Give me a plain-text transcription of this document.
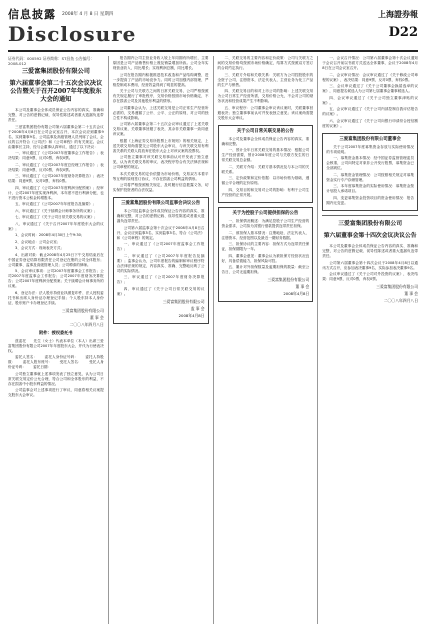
信息披露 2008年 4 月 8 日 星期四
Disclosure
上海證券報
D22
证券代码：000592 证券简称：ST昌鱼 公告编号：2008-012
三爱富集团股份有限公司
第六届董事会第二十五次会议决议公告暨关于召开2007年年度股东大会的通知

本公司及董事会全体成员保证公告内容的真实、准确和完整，对公告的虚假记载、误导性陈述或者重大遗漏负连带责任。

三爱富集团股份有限公司第六届董事会第二十五次会议于2008年4月8日在公司会议室召开，本次会议应到董事9名，实到董事9名，公司监事及高级管理人员列席了会议，会议的召开符合《公司法》和《公司章程》的有关规定。会议由董事长主持，经与会董事认真审议，通过了以下决议：

一、审议通过了《公司2007年度董事会工作报告》；表决结果：同意9票，反对0票，弃权0票。

二、审议通过了《公司2007年度总经理工作报告》；表决结果：同意9票，反对0票，弃权0票。

三、审议通过了《公司2007年度财务决算报告》；表决结果：同意9票，反对0票，弃权0票。

四、审议通过了《公司2007年度利润分配预案》；经审计，公司2007年度实现净利润，本年度不进行利润分配，也不进行资本公积金转增股本。

五、审议通过了《公司2007年年度报告及摘要》；

六、审议通过了《关于续聘会计师事务所的议案》；

七、审议通过了《关于公司日常关联交易的议案》；

八、审议通过了《关于召开2007年年度股东大会的议案》；

1、会议时间：2008年4月30日上午9:30；

2、会议地点：公司会议室；

3、会议方式：现场表决方式；

4、出席对象：截止2008年4月25日下午交易结束后在中国证券登记结算有限责任公司登记在册的公司全体股东；公司董事、监事及高级管理人员；公司聘请的律师。

5、会议审议事项：公司2007年度董事会工作报告；公司2007年度监事会工作报告；公司2007年度财务决算报告；公司2007年度利润分配预案；关于续聘会计师事务所的议案。

6、登记办法：法人股东持营业执照复印件、法人授权委托书和出席人身份证办理登记手续；个人股东持本人身份证、股东账户卡办理登记手续。

三爱富集团股份有限公司
董 事 会
二〇〇八年四月八日
附件：授权委托书

兹委托　　先生（女士）代表本单位（本人）出席三爱富集团股份有限公司2007年年度股东大会，并代为行使表决权。

委托人签名：　　委托人身份证号码：　　委托人持股数：　　委托人股东账号：　　受托人签名：　　受托人身份证号码：　　委托日期：

公司独立董事就上述事项发表了独立意见，认为公司日常关联交易定价公允合理，符合公司和全体股东的利益，不存在损害中小股东利益的情况。

公司监事会对上述事项进行了审议，同意将相关议案提交股东大会审议。

报告期内公司主营业务收入较上年同期有所增长，主要原因是公司产品销售价格上涨及销量增加所致。公司全年实现营业收入，同比增长；实现利润总额，同比增长。

公司在报告期内积极推进技术改造和产品结构调整，进一步提高了产品的市场竞争力。同时公司加强内部管理，严格控制成本费用，经营效益得到了明显的提高。

关于公司与关联方之间的日常关联交易，公司严格按照有关规定履行了审批程序，交易价格按照市场价格确定，不存在损害公司及其他股东利益的情形。

公司董事会认为，上述关联交易是公司正常生产经营所必需的，交易遵循了公开、公平、公正的原则，对公司的独立性不构成影响。

公司第六届董事会第二十五次会议审议通过了上述关联交易议案，关联董事回避了表决，其余非关联董事一致同意该议案。

根据《上海证券交易所股票上市规则》的相关规定，上述关联交易尚需提交公司股东大会审议，与该关联交易有利害关系的关联人将放弃在股东大会上对该议案的投票权。

公司独立董事对该关联交易事前认可并发表了独立意见，认为该关联交易的审议、表决程序符合有关法律法规和公司章程的规定。

本次关联交易的定价依据为市场价格，交易双方本着平等互利的原则签订协议，不存在损害公司利益的情形。

公司将严格按照相关规定，及时履行信息披露义务，切实保护投资者的合法权益。

三爱富集团股份有限公司监事会决议公告

本公司及监事会全体成员保证公告内容的真实、准确和完整，对公告的虚假记载、误导性陈述或者重大遗漏负连带责任。

公司第六届监事会第十次会议于2008年4月8日召开，会议应到监事5名，实到监事5名，符合《公司法》和《公司章程》的规定。

一、审议通过了《公司2007年度监事会工作报告》；

二、审议通过了《公司2007年年度报告及摘要》；监事会认为，公司年度报告的编制和审议程序符合法律法规的规定，内容真实、准确、完整地反映了公司的实际情况。

三、审议通过了《公司2007年度财务决算报告》；

四、审议通过了《关于公司日常关联交易的议案》。

三爱富集团股份有限公司
监 事 会
2008年4月8日

二、关联交易的主要内容和定价政策：公司与关联方之间的交易价格均按照市场价格确定，结算方式按照双方签订的合同约定执行。

三、关联方介绍和关联关系：关联方为公司控股股东的全资子公司，注册资本，法定代表人，主营业务为化工产品的生产与销售。

四、关联交易目的和对上市公司的影响：上述关联交易为公司日常生产经营所需，交易价格公允，不会对公司的财务状况和经营成果产生不利影响。

五、审议程序：公司董事会审议该议案时，关联董事回避表决；独立董事事前认可并发表独立意见；该议案尚需提交股东大会审议。

关于公司日常关联交易的公告

本公司及董事会全体成员保证公告内容的真实、准确和完整。

一、预计全年日常关联交易的基本情况：根据公司生产经营需要，预计2008年度公司与关联方发生的日常关联交易总金额。

二、关联方介绍：关联方基本情况及与本公司的关联关系。

三、定价政策和定价依据：以市场价格为基础，遵循公平合理的定价原则。

四、交易目的和交易对公司的影响：有利于公司生产经营的正常开展。

关于为控股子公司提供担保的公告

一、担保情况概述：为满足控股子公司生产经营的资金需求，公司拟为其银行借款提供连带责任担保。

二、被担保人基本情况：注册地址、法定代表人、注册资本、经营范围以及最近一期财务数据。

三、担保协议的主要内容：担保方式为连带责任保证，担保期限为一年。

四、董事会意见：董事会认为被担保方经营状况良好，具备偿债能力，担保风险可控。

五、累计对外担保数量及逾期担保的数量：截至公告日，公司无逾期担保。

三爱富集团股份有限公司
董 事 会
2008年4月8日

一、会议召开情况：公司第六届董事会第十次会议通知于会议召开前以书面方式送达全体董事，会议于2008年4月8日在公司会议室召开。

二、会议审议情况：会议审议通过了《关于修改公司章程的议案》，表决结果：同意9票，反对0票，弃权0票。

三、会议审议通过了《关于公司董事会换届选举的议案》，同意提名候选人为公司第七届董事会董事候选人。

四、会议审议通过了《关于公司独立董事津贴的议案》。

五、会议审议通过了《关于公司内部控制自我评估报告的议案》。

六、会议审议通过了《关于公司向银行申请综合授信额度的议案》。

三爱富集团股份有限公司董事会

关于公司2007年度募集资金存放与实际使用情况的专项说明。

一、募集资金基本情况：经中国证券监督管理委员会核准，公司向特定对象非公开发行股票，募集资金已全部到位。

二、募集资金管理情况：公司按照相关规定对募集资金实行专户存储管理。

三、本年度募集资金的实际使用情况：募集资金按计划投入承诺项目。

四、变更募集资金投资项目的资金使用情况：报告期内无变更。

三爱富集团股份有限公司
第六届董事会第十四次会议决议公告

本公司及董事会全体成员保证公告内容的真实、准确和完整，对公告的虚假记载、误导性陈述或者重大遗漏负连带责任。

公司第六届董事会第十四次会议于2008年4月8日以通讯方式召开，应参加表决董事9名，实际参加表决董事9名。

会议审议通过了《关于公司对外投资的议案》，表决结果：同意9票，反对0票，弃权0票。

三爱富集团股份有限公司
董 事 会
二〇〇八年四月八日
